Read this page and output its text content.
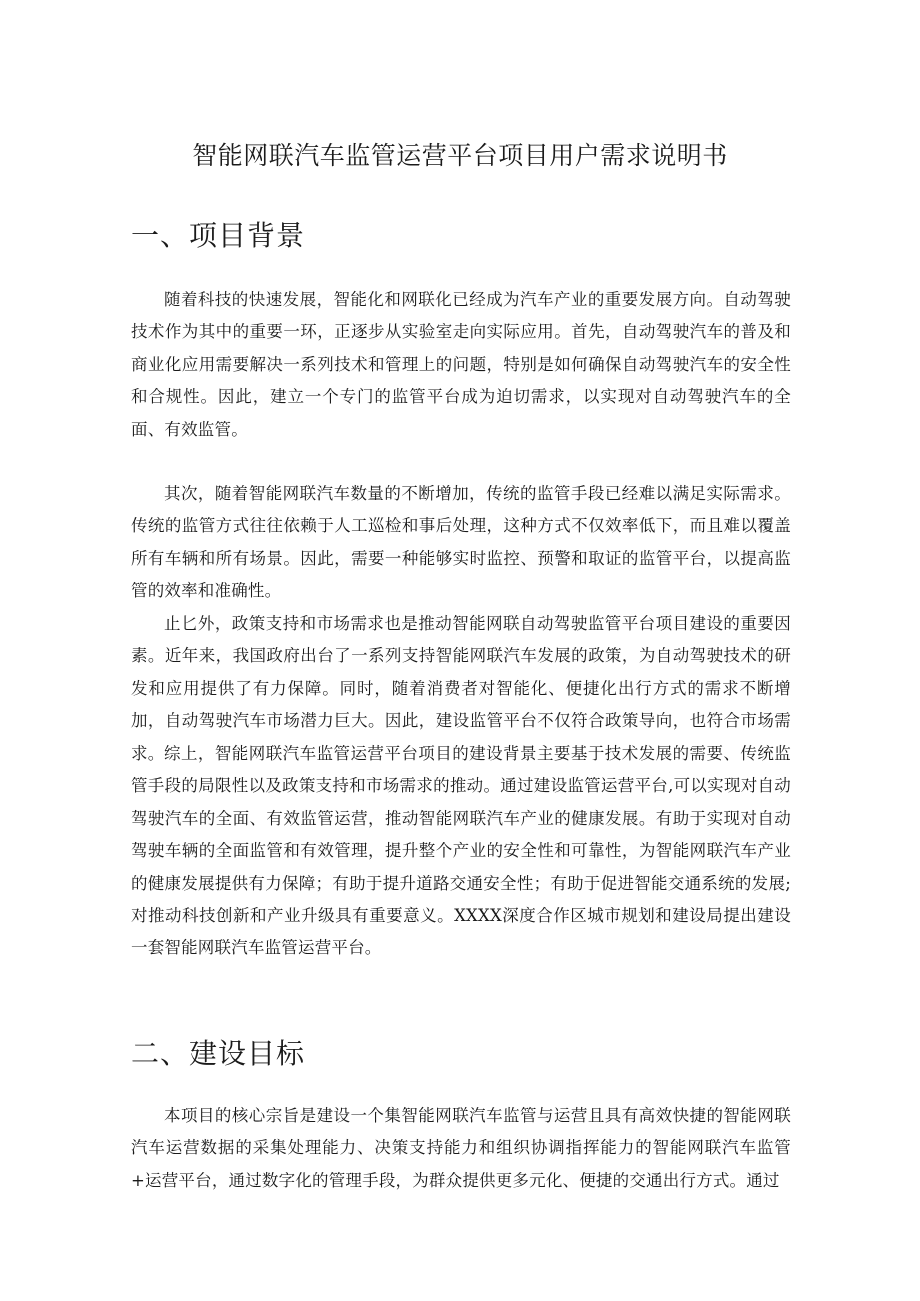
智能网联汽车监管运营平台项目用户需求说明书
一、项目背景

随着科技的快速发展，智能化和网联化已经成为汽车产业的重要发展方向。自动驾驶技术作为其中的重要一环，正逐步从实验室走向实际应用。首先，自动驾驶汽车的普及和商业化应用需要解决一系列技术和管理上的问题，特别是如何确保自动驾驶汽车的安全性和合规性。因此，建立一个专门的监管平台成为迫切需求，以实现对自动驾驶汽车的全面、有效监管。

其次，随着智能网联汽车数量的不断增加，传统的监管手段已经难以满足实际需求。传统的监管方式往往依赖于人工巡检和事后处理，这种方式不仅效率低下，而且难以覆盖所有车辆和所有场景。因此，需要一种能够实时监控、预警和取证的监管平台，以提高监管的效率和准确性。

止匕外，政策支持和市场需求也是推动智能网联自动驾驶监管平台项目建设的重要因素。近年来，我国政府出台了一系列支持智能网联汽车发展的政策，为自动驾驶技术的研发和应用提供了有力保障。同时，随着消费者对智能化、便捷化出行方式的需求不断增加，自动驾驶汽车市场潜力巨大。因此，建设监管平台不仅符合政策导向，也符合市场需求。 综上，智能网联汽车监管运营平台项目的建设背景主要基于技术发展的需要、传统监管手段的局限性以及政策支持和市场需求的推动。通过建设监管运营平台,可以实现对自动驾驶汽车的全面、有效监管运营，推动智能网联汽车产业的健康发展。有助于实现对自动驾驶车辆的全面监管和有效管理，提升整个产业的安全性和可靠性，为智能网联汽车产业的健康发展提供有力保障；有助于提升道路交通安全性；有助于促进智能交通系统的发展;对推动科技创新和产业升级具有重要意义。XXXX深度合作区城市规划和建设局提出建设一套智能网联汽车监管运营平台。

二、建设目标

本项目的核心宗旨是建设一个集智能网联汽车监管与运营且具有高效快捷的智能网联汽车运营数据的采集处理能力、决策支持能力和组织协调指挥能力的智能网联汽车监管+运营平台，通过数字化的管理手段，为群众提供更多元化、便捷的交通出行方式。通过
